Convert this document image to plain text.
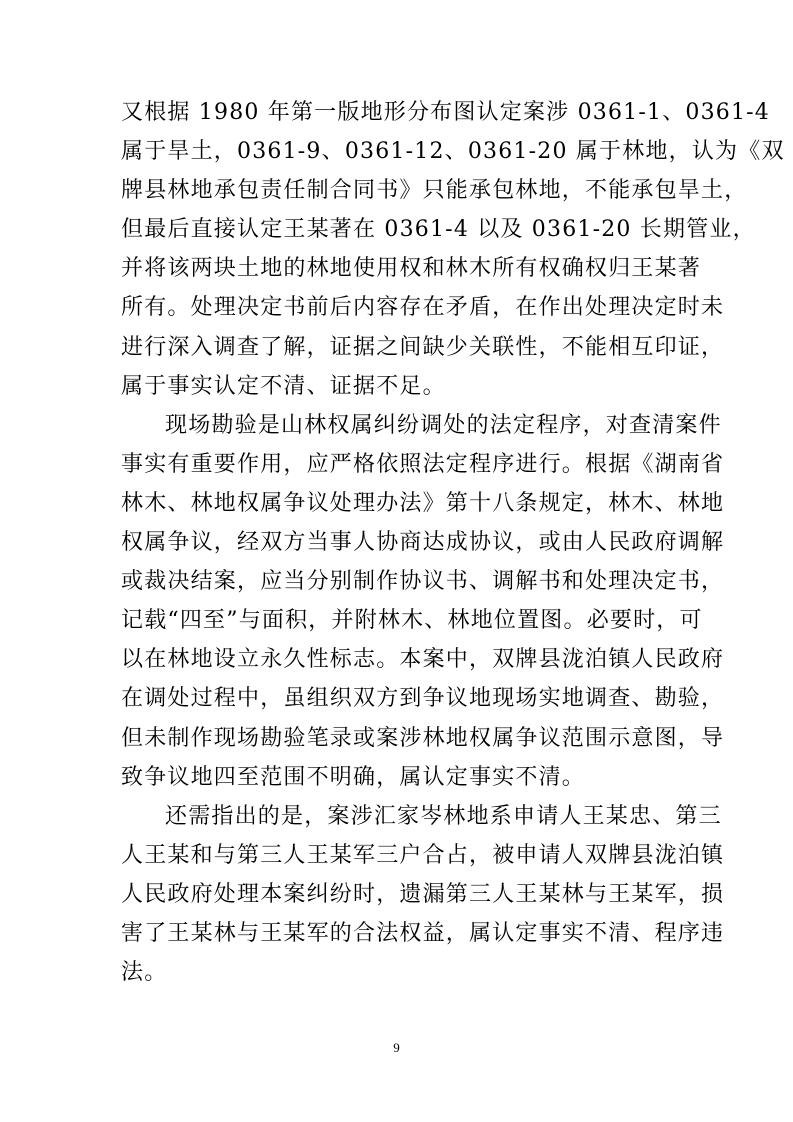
又根据 1980 年第一版地形分布图认定案涉 0361-1、0361-4
属于旱土，0361-9、0361-12、0361-20 属于林地，认为《双
牌县林地承包责任制合同书》只能承包林地，不能承包旱土，
但最后直接认定王某著在 0361-4 以及 0361-20 长期管业，
并将该两块土地的林地使用权和林木所有权确权归王某著
所有。处理决定书前后内容存在矛盾，在作出处理决定时未
进行深入调查了解，证据之间缺少关联性，不能相互印证，
属于事实认定不清、证据不足。
现场勘验是山林权属纠纷调处的法定程序，对查清案件
事实有重要作用，应严格依照法定程序进行。根据《湖南省
林木、林地权属争议处理办法》第十八条规定，林木、林地
权属争议，经双方当事人协商达成协议，或由人民政府调解
或裁决结案，应当分别制作协议书、调解书和处理决定书，
记载“四至”与面积，并附林木、林地位置图。必要时，可
以在林地设立永久性标志。本案中，双牌县泷泊镇人民政府
在调处过程中，虽组织双方到争议地现场实地调查、勘验，
但未制作现场勘验笔录或案涉林地权属争议范围示意图，导
致争议地四至范围不明确，属认定事实不清。
还需指出的是，案涉汇家岑林地系申请人王某忠、第三
人王某和与第三人王某军三户合占，被申请人双牌县泷泊镇
人民政府处理本案纠纷时，遗漏第三人王某林与王某军，损
害了王某林与王某军的合法权益，属认定事实不清、程序违
法。
9
